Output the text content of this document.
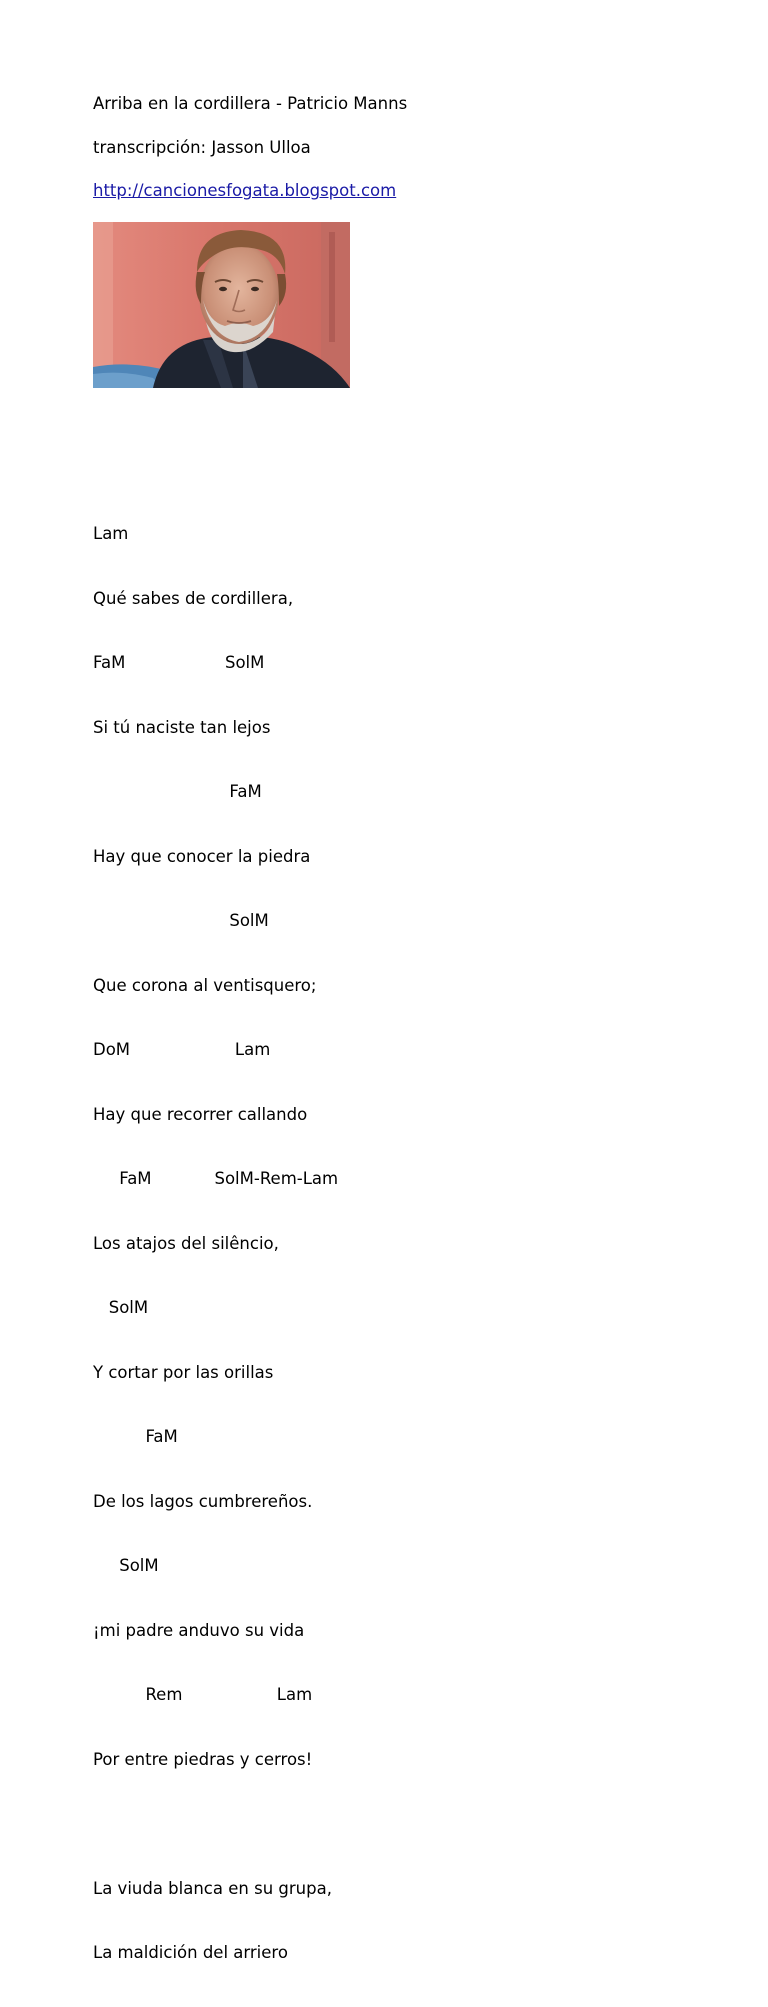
Arriba en la cordillera - Patricio Manns
transcripción: Jasson Ulloa
http://cancionesfogata.blogspot.com

Lam

Qué sabes de cordillera,

FaM                   SolM

Si tú naciste tan lejos

FaM

Hay que conocer la piedra

SolM

Que corona al ventisquero;

DoM                    Lam

Hay que recorrer callando

FaM            SolM-Rem-Lam

Los atajos del silêncio,

SolM

Y cortar por las orillas

FaM

De los lagos cumbrereños.

SolM

¡mi padre anduvo su vida

Rem                  Lam

Por entre piedras y cerros!

La viuda blanca en su grupa,

La maldición del arriero
